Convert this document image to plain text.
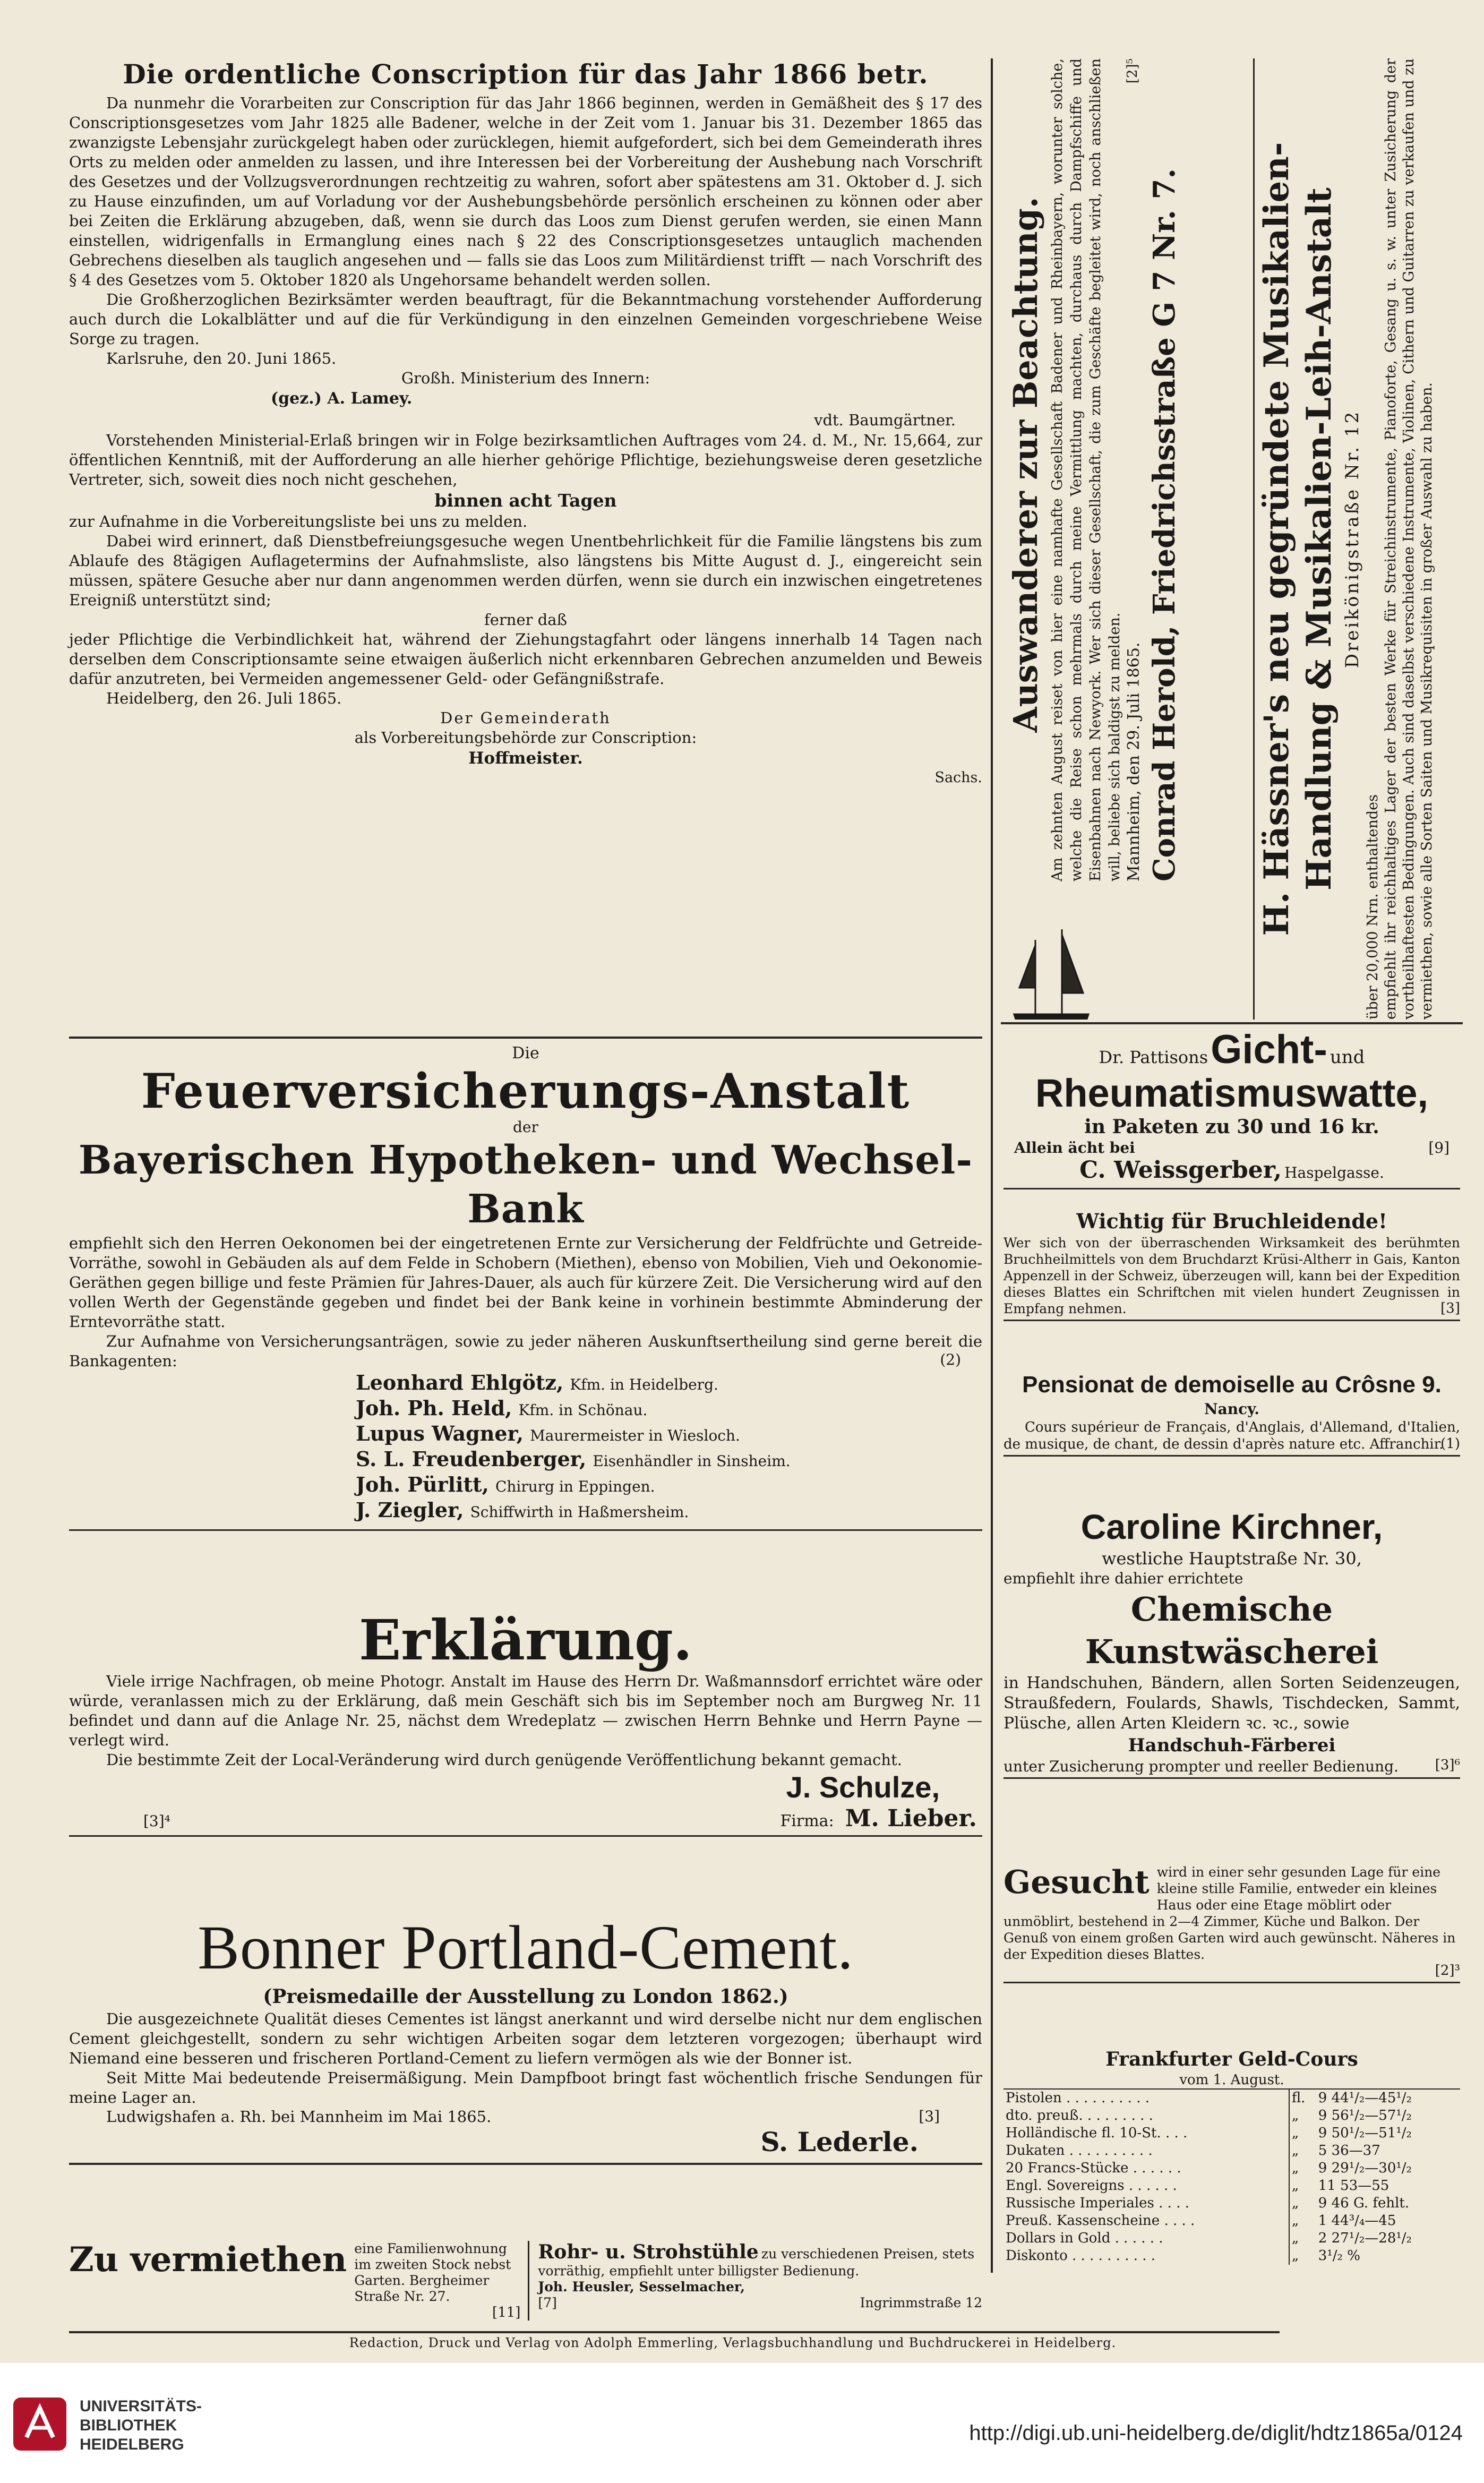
Die ordentliche Conscription für das Jahr 1866 betr.

Da nunmehr die Vorarbeiten zur Conscription für das Jahr 1866 beginnen, werden in Gemäßheit des § 17 des Conscriptionsgesetzes vom Jahr 1825 alle Badener, welche in der Zeit vom 1. Januar bis 31. Dezember 1865 das zwanzigste Lebensjahr zurückgelegt haben oder zurücklegen, hiemit aufgefordert, sich bei dem Gemeinderath ihres Orts zu melden oder anmelden zu lassen, und ihre Interessen bei der Vorbereitung der Aushebung nach Vorschrift des Gesetzes und der Vollzugsverordnungen rechtzeitig zu wahren, sofort aber spätestens am 31. Oktober d. J. sich zu Hause einzufinden, um auf Vorladung vor der Aushebungsbehörde persönlich erscheinen zu können oder aber bei Zeiten die Erklärung abzugeben, daß, wenn sie durch das Loos zum Dienst gerufen werden, sie einen Mann einstellen, widrigenfalls in Ermanglung eines nach § 22 des Conscriptionsgesetzes untauglich machenden Gebrechens dieselben als tauglich angesehen und — falls sie das Loos zum Militärdienst trifft — nach Vorschrift des § 4 des Gesetzes vom 5. Oktober 1820 als Ungehorsame behandelt werden sollen.

Die Großherzoglichen Bezirksämter werden beauftragt, für die Bekanntmachung vorstehender Aufforderung auch durch die Lokalblätter und auf die für Verkündigung in den einzelnen Gemeinden vorgeschriebene Weise Sorge zu tragen.

Karlsruhe, den 20. Juni 1865.

Großh. Ministerium des Innern:

(gez.) A. Lamey.

vdt. Baumgärtner.

Vorstehenden Ministerial-Erlaß bringen wir in Folge bezirksamtlichen Auftrages vom 24. d. M., Nr. 15,664, zur öffentlichen Kenntniß, mit der Aufforderung an alle hierher gehörige Pflichtige, beziehungsweise deren gesetzliche Vertreter, sich, soweit dies noch nicht geschehen,

binnen acht Tagen

zur Aufnahme in die Vorbereitungsliste bei uns zu melden.

Dabei wird erinnert, daß Dienstbefreiungsgesuche wegen Unentbehrlichkeit für die Familie längstens bis zum Ablaufe des 8tägigen Auflagetermins der Aufnahmsliste, also längstens bis Mitte August d. J., eingereicht sein müssen, spätere Gesuche aber nur dann angenommen werden dürfen, wenn sie durch ein inzwischen eingetretenes Ereigniß unterstützt sind;

ferner daß

jeder Pflichtige die Verbindlichkeit hat, während der Ziehungstagfahrt oder längens innerhalb 14 Tagen nach derselben dem Conscriptionsamte seine etwaigen äußerlich nicht erkennbaren Gebrechen anzumelden und Beweis dafür anzutreten, bei Vermeiden angemessener Geld- oder Gefängnißstrafe.

Heidelberg, den 26. Juli 1865.

Der Gemeinderath

als Vorbereitungsbehörde zur Conscription:

Hoffmeister.

Sachs.

Die

Feuerversicherungs-Anstalt

der

Bayerischen Hypotheken- und Wechsel-Bank

empfiehlt sich den Herren Oekonomen bei der eingetretenen Ernte zur Versicherung der Feldfrüchte und Getreide-Vorräthe, sowohl in Gebäuden als auf dem Felde in Schobern (Miethen), ebenso von Mobilien, Vieh und Oekonomie-Geräthen gegen billige und feste Prämien für Jahres-Dauer, als auch für kürzere Zeit. Die Versicherung wird auf den vollen Werth der Gegenstände gegeben und findet bei der Bank keine in vorhinein bestimmte Abminderung der Erntevorräthe statt.

Zur Aufnahme von Versicherungsanträgen, sowie zu jeder näheren Auskunftsertheilung sind gerne bereit die Bankagenten:	(2)
Leonhard Ehlgötz, Kfm. in Heidelberg.
Joh. Ph. Held, Kfm. in Schönau.
Lupus Wagner, Maurermeister in Wiesloch.
S. L. Freudenberger, Eisenhändler in Sinsheim.
Joh. Pürlitt, Chirurg in Eppingen.
J. Ziegler, Schiffwirth in Haßmersheim.

Erklärung.

Viele irrige Nachfragen, ob meine Photogr. Anstalt im Hause des Herrn Dr. Waßmannsdorf errichtet wäre oder würde, veranlassen mich zu der Erklärung, daß mein Geschäft sich bis im September noch am Burgweg Nr. 11 befindet und dann auf die Anlage Nr. 25, nächst dem Wredeplatz — zwischen Herrn Behnke und Herrn Payne — verlegt wird.

Die bestimmte Zeit der Local-Veränderung wird durch genügende Veröffentlichung bekannt gemacht.

J. Schulze,

[3]⁴	Firma: M. Lieber.

Bonner Portland-Cement.

(Preismedaille der Ausstellung zu London 1862.)

Die ausgezeichnete Qualität dieses Cementes ist längst anerkannt und wird derselbe nicht nur dem englischen Cement gleichgestellt, sondern zu sehr wichtigen Arbeiten sogar dem letzteren vorgezogen; überhaupt wird Niemand eine besseren und frischeren Portland-Cement zu liefern vermögen als wie der Bonner ist.

Seit Mitte Mai bedeutende Preisermäßigung. Mein Dampfboot bringt fast wöchentlich frische Sendungen für meine Lager an.

Ludwigshafen a. Rh. bei Mannheim im Mai 1865.	[3]

S. Lederle.

Zu vermiethen eine Familienwohnung im zweiten Stock nebst Garten. Bergheimer Straße Nr. 27.

[11]

Rohr- u. Strohstühle zu verschiedenen Preisen, stets vorräthig, empfiehlt unter billigster Bedienung.

Joh. Heusler, Sesselmacher,

[7]	Ingrimmstraße 12

Redaction, Druck und Verlag von Adolph Emmerling, Verlagsbuchhandlung und Buchdruckerei in Heidelberg.

Auswanderer zur Beachtung. Am zehnten August reiset von hier eine namhafte Gesellschaft Badener und Rheinbayern, worunter solche, welche die Reise schon mehrmals durch meine Vermittlung machten, durchaus durch Dampfschiffe und Eisenbahnen nach Newyork. Wer sich dieser Gesellschaft, die zum Geschäfte begleitet wird, noch anschließen will, beliebe sich baldigst zu melden. Mannheim, den 29. Juli 1865.
[2]⁵

Conrad Herold, Friedrichsstraße G 7 Nr. 7. H. Hässner's neu gegründete Musikalien-Handlung & Musikalien-Leih-Anstalt Dreikönigstraße Nr. 12

über 20,000 Nrn. enthaltendes empfiehlt ihr reichhaltiges Lager der besten Werke für Streichinstrumente, Pianoforte, Gesang u. s. w. unter Zusicherung der vortheilhaftesten Bedingungen. Auch sind daselbst verschiedene Instrumente, Violinen, Cithern und Guitarren zu verkaufen und zu vermiethen, sowie alle Sorten Saiten und Musikrequisiten in großer Auswahl zu haben.

Dr. Pattisons Gicht- und

Rheumatismuswatte,

in Paketen zu 30 und 16 kr.

Allein ächt bei	[9]

C. Weissgerber, Haspelgasse.

Wichtig für Bruchleidende!

Wer sich von der überraschenden Wirksamkeit des berühmten Bruchheilmittels von dem Bruchdarzt Krüsi-Altherr in Gais, Kanton Appenzell in der Schweiz, überzeugen will, kann bei der Expedition dieses Blattes ein Schriftchen mit vielen hundert Zeugnissen in Empfang nehmen.	[3]

Pensionat de demoiselle au Crôsne 9.

Nancy.

Cours supérieur de Français, d'Anglais, d'Allemand, d'Italien, de musique, de chant, de dessin d'après nature etc. Affranchir.

(1)

Caroline Kirchner,

westliche Hauptstraße Nr. 30,

empfiehlt ihre dahier errichtete

Chemische Kunstwäscherei

in Handschuhen, Bändern, allen Sorten Seidenzeugen, Straußfedern, Foulards, Shawls, Tischdecken, Sammt, Plüsche, allen Arten Kleidern ꝛc. ꝛc., sowie

Handschuh-Färberei

unter Zusicherung prompter und reeller Bedienung.	[3]⁶

Gesucht wird in einer sehr gesunden Lage für eine kleine stille Familie, entweder ein kleines Haus oder eine Etage möblirt oder unmöblirt, bestehend in 2—4 Zimmer, Küche und Balkon. Der Genuß von einem großen Garten wird auch gewünscht. Näheres in der Expedition dieses Blattes.

[2]³

Frankfurter Geld-Cours

vom 1. August.

Pistolen . . . . . . . . . .	fl.	9 44¹/₂—45¹/₂
dto. preuß. . . . . . . . .	„	9 56¹/₂—57¹/₂
Holländische fl. 10-St. . . .	„	9 50¹/₂—51¹/₂
Dukaten . . . . . . . . . .	„	5 36—37
20 Francs-Stücke . . . . . .	„	9 29¹/₂—30¹/₂
Engl. Sovereigns . . . . . .	„	11 53—55
Russische Imperiales . . . .	„	9 46 G. fehlt.
Preuß. Kassenscheine . . . .	„	1 44³/₄—45
Dollars in Gold . . . . . .	„	2 27¹/₂—28¹/₂
Diskonto . . . . . . . . . .	„	3¹/₂ %
UNIVERSITÄTS-
BIBLIOTHEK
HEIDELBERG	http://digi.ub.uni-heidelberg.de/diglit/hdtz1865a/0124
